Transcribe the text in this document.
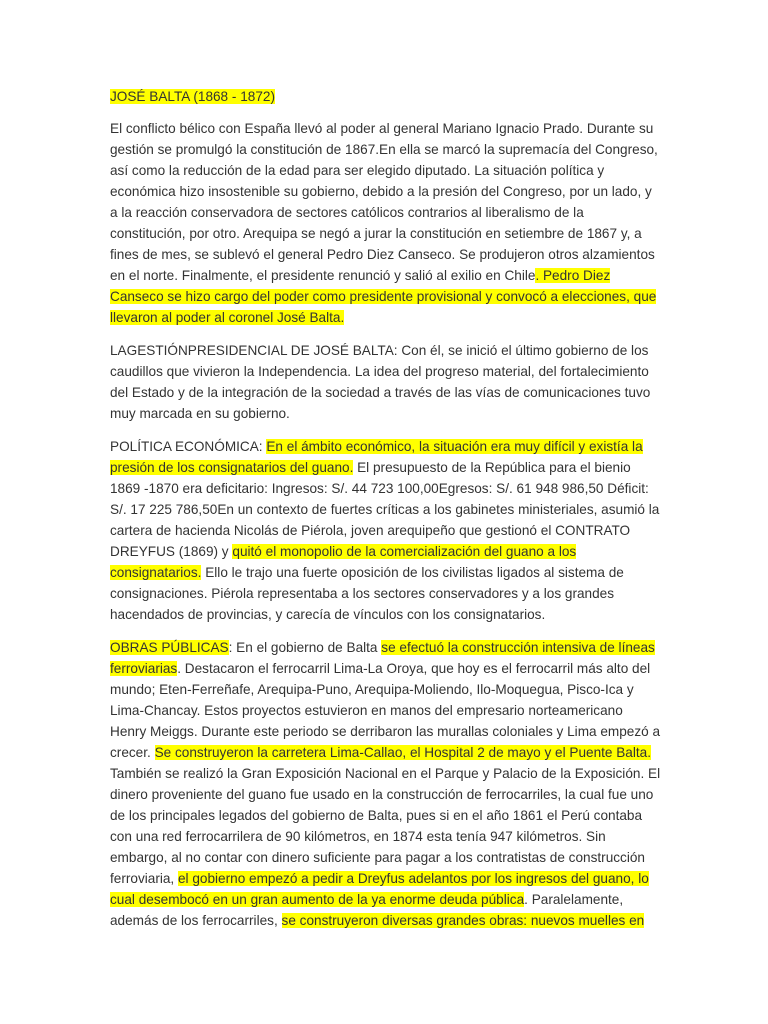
JOSÉ BALTA (1868 - 1872)

El conflicto bélico con España llevó al poder al general Mariano Ignacio Prado. Durante su gestión se promulgó la constitución de 1867.En ella se marcó la supremacía del Congreso, así como la reducción de la edad para ser elegido diputado. La situación política y económica hizo insostenible su gobierno, debido a la presión del Congreso, por un lado, y a la reacción conservadora de sectores católicos contrarios al liberalismo de la constitución, por otro. Arequipa se negó a jurar la constitución en setiembre de 1867 y, a fines de mes, se sublevó el general Pedro Diez Canseco. Se produjeron otros alzamientos en el norte. Finalmente, el presidente renunció y salió al exilio en Chile. Pedro Diez Canseco se hizo cargo del poder como presidente provisional y convocó a elecciones, que llevaron al poder al coronel José Balta.

LAGESTIÓNPRESIDENCIAL DE JOSÉ BALTA: Con él, se inició el último gobierno de los caudillos que vivieron la Independencia. La idea del progreso material, del fortalecimiento del Estado y de la integración de la sociedad a través de las vías de comunicaciones tuvo muy marcada en su gobierno.

POLÍTICA ECONÓMICA: En el ámbito económico, la situación era muy difícil y existía la presión de los consignatarios del guano. El presupuesto de la República para el bienio 1869 -1870 era deficitario: Ingresos: S/. 44 723 100,00Egresos: S/. 61 948 986,50 Déficit: S/. 17 225 786,50En un contexto de fuertes críticas a los gabinetes ministeriales, asumió la cartera de hacienda Nicolás de Piérola, joven arequipeño que gestionó el CONTRATO DREYFUS (1869) y quitó el monopolio de la comercialización del guano a los consignatarios. Ello le trajo una fuerte oposición de los civilistas ligados al sistema de consignaciones. Piérola representaba a los sectores conservadores y a los grandes hacendados de provincias, y carecía de vínculos con los consignatarios.

OBRAS PÚBLICAS: En el gobierno de Balta se efectuó la construcción intensiva de líneas ferroviarias. Destacaron el ferrocarril Lima-La Oroya, que hoy es el ferrocarril más alto del mundo; Eten-Ferreñafe, Arequipa-Puno, Arequipa-Moliendo, Ilo-Moquegua, Pisco-Ica y Lima-Chancay. Estos proyectos estuvieron en manos del empresario norteamericano Henry Meiggs. Durante este periodo se derribaron las murallas coloniales y Lima empezó a crecer. Se construyeron la carretera Lima-Callao, el Hospital 2 de mayo y el Puente Balta. También se realizó la Gran Exposición Nacional en el Parque y Palacio de la Exposición. El dinero proveniente del guano fue usado en la construcción de ferrocarriles, la cual fue uno de los principales legados del gobierno de Balta, pues si en el año 1861 el Perú contaba con una red ferrocarrilera de 90 kilómetros, en 1874 esta tenía 947 kilómetros. Sin embargo, al no contar con dinero suficiente para pagar a los contratistas de construcción ferroviaria, el gobierno empezó a pedir a Dreyfus adelantos por los ingresos del guano, lo cual desembocó en un gran aumento de la ya enorme deuda pública. Paralelamente, además de los ferrocarriles, se construyeron diversas grandes obras: nuevos muelles en
